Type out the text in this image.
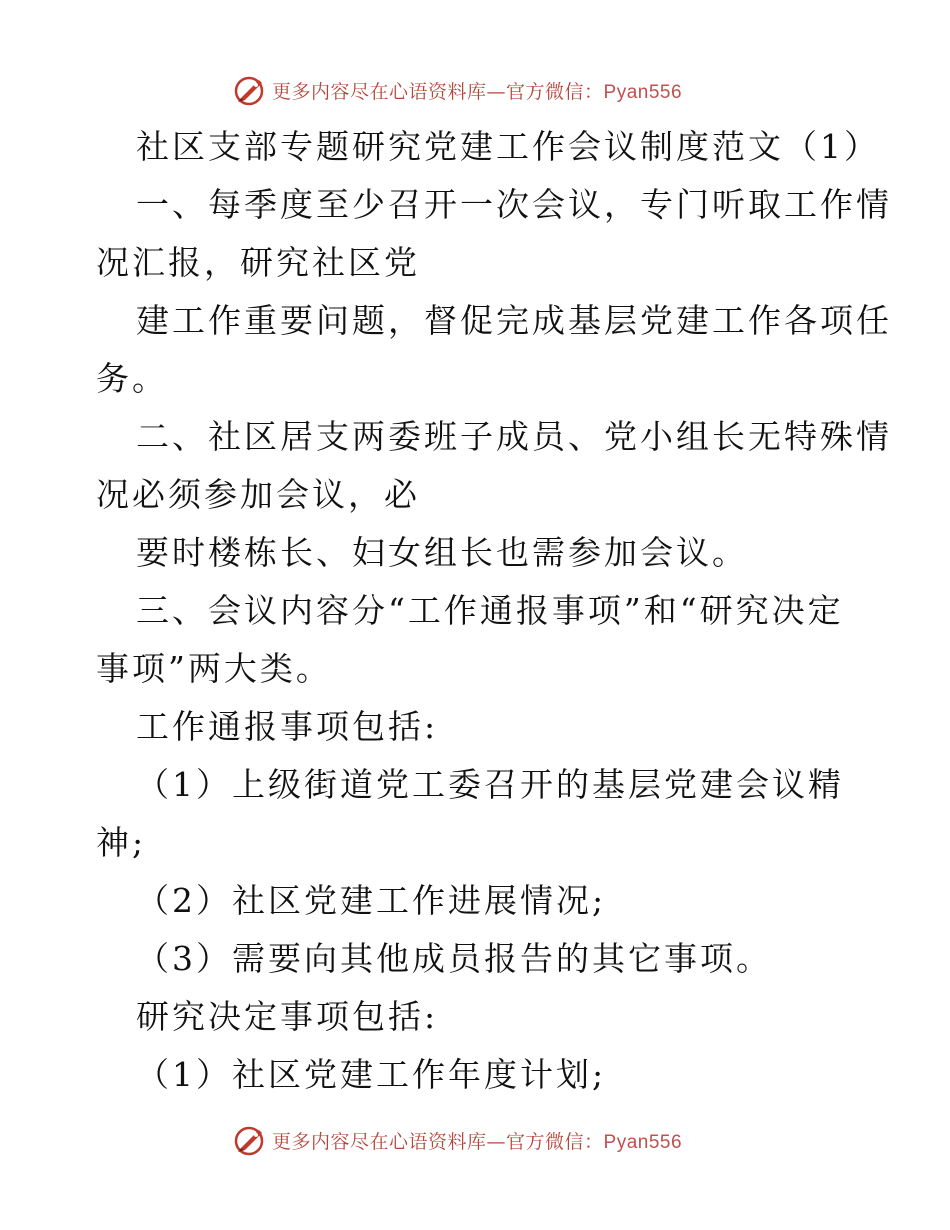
更多内容尽在心语资料库—官方微信：Pyan556
社区支部专题研究党建工作会议制度范文（1）
一、每季度至少召开一次会议，专门听取工作情
况汇报，研究社区党
建工作重要问题，督促完成基层党建工作各项任
务。
二、社区居支两委班子成员、党小组长无特殊情
况必须参加会议，必
要时楼栋长、妇女组长也需参加会议。
三、会议内容分“工作通报事项”和“研究决定
事项”两大类。
工作通报事项包括:
（1）上级街道党工委召开的基层党建会议精
神;
（2）社区党建工作进展情况;
（3）需要向其他成员报告的其它事项。
研究决定事项包括:
（1）社区党建工作年度计划;
更多内容尽在心语资料库—官方微信：Pyan556
